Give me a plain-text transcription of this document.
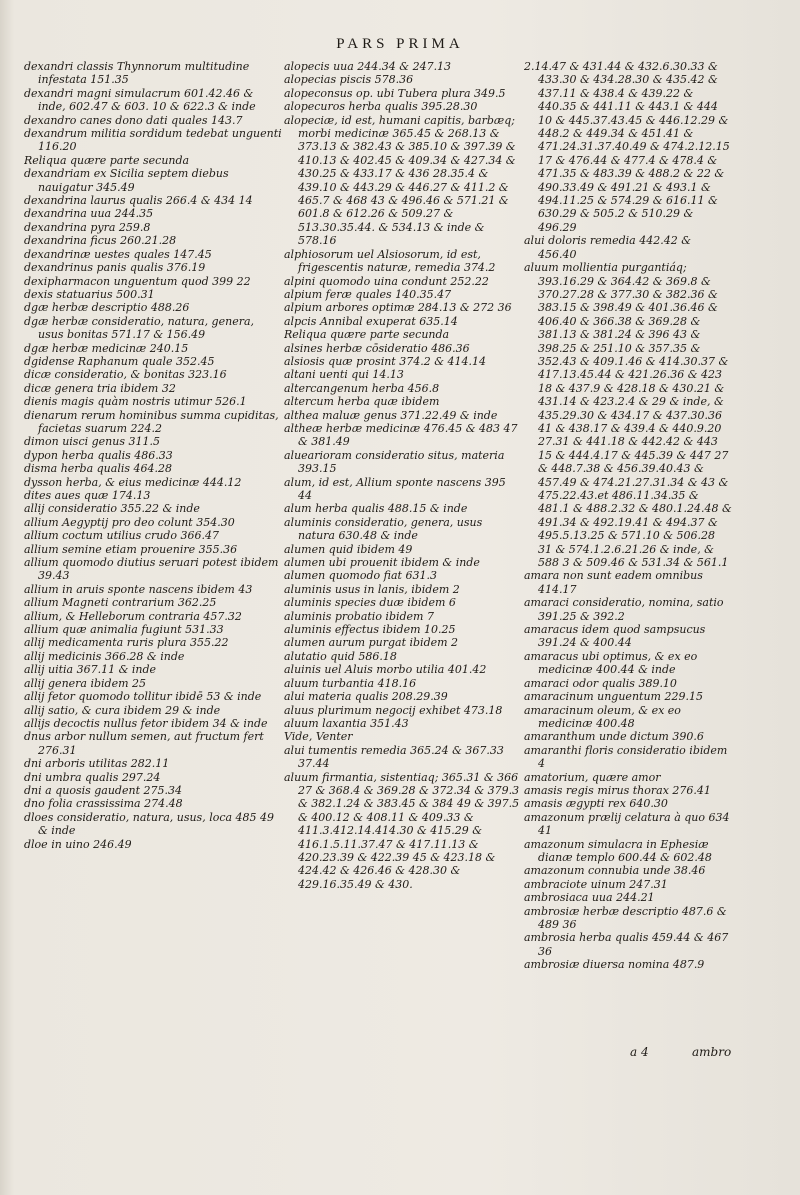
PARS PRIMA

dexandri classis Thynnorum multitudine infestata 151.35

dexandri magni simulacrum 601.42.46 & inde, 602.47 & 603. 10 & 622.3 & inde

dexandro canes dono dati quales 143.7

dexandrum militia sordidum tedebat unguenti 116.20

Reliqua quære parte secunda

dexandriam ex Sicilia septem diebus nauigatur 345.49

dexandrina laurus qualis 266.4 & 434 14

dexandrina uua 244.35

dexandrina pyra 259.8

dexandrina ficus 260.21.28

dexandrinæ uestes quales 147.45

dexandrinus panis qualis 376.19

dexipharmacon unguentum quod 399 22

dexis statuarius 500.31

dgæ herbæ descriptio 488.26

dgæ herbæ consideratio, natura, genera, usus bonitas 571.17 & 156.49

dgæ herbæ medicinæ 240.15

dgidense Raphanum quale 352.45

dicæ consideratio, & bonitas 323.16

dicæ genera tria ibidem 32

dienis magis quàm nostris utimur 526.1

dienarum rerum hominibus summa cupiditas, facietas suarum 224.2

dimon uisci genus 311.5

dypon herba qualis 486.33

dismа herba qualis 464.28

dysson herba, & eius medicinæ 444.12

dites aues quæ 174.13

allij consideratio 355.22 & inde

allium Aegyptij pro deo colunt 354.30

allium coctum utilius crudo 366.47

allium semine etiam prouenire 355.36

allium quomodo diutius seruari potest ibidem 39.43

allium in aruis sponte nascens ibidem 43

allium Magneti contrarium 362.25

allium, & Helleborum contraria 457.32

allium quæ animalia fugiunt 531.33

allij medicamenta ruris plura 355.22

allij medicinis 366.28 & inde

allij uitia 367.11 & inde

allij genera ibidem 25

allij fetor quomodo tollitur ibidē 53 & inde

allij satio, & cura ibidem 29 & inde

allijs decoctis nullus fetor ibidem 34 & inde

dnus arbor nullum semen, aut fructum fert 276.31

dni arboris utilitas 282.11

dni umbra qualis 297.24

dni a quosis gaudent 275.34

dno folia crassissima 274.48

dloes consideratio, natura, usus, loca 485 49 & inde

dloe in uino 246.49

alopecis uua 244.34 & 247.13

alopecias piscis 578.36

alopeconsus op. ubi Tubera plura 349.5

alopecuros herba qualis 395.28.30

alopeciæ, id est, humani capitis, barbæq; morbi medicinæ 365.45 & 268.13 & 373.13 & 382.43 & 385.10 & 397.39 & 410.13 & 402.45 & 409.34 & 427.34 & 430.25 & 433.17 & 436 28.35.4 & 439.10 & 443.29 & 446.27 & 411.2 & 465.7 & 468 43 & 496.46 & 571.21 & 601.8 & 612.26 & 509.27 & 513.30.35.44. & 534.13 & inde & 578.16

alphiosorum uel Alsiosorum, id est, frigescentis naturæ, remedia 374.2

alpini quomodo uina condunt 252.22

alpium feræ quales 140.35.47

alpium arbores optimæ 284.13 & 272 36

alpcis Annibal exuperat 635.14

Reliqua quære parte secunda

alsines herbæ cōsideratio 486.36

alsiosis quæ prosint 374.2 & 414.14

altani uenti qui 14.13

altercangenum herba 456.8

altercum herba quæ ibidem

althea maluæ genus 371.22.49 & inde

altheæ herbæ medicinæ 476.45 & 483 47 & 381.49

aluearioram consideratio situs, materia 393.15

alum, id est, Allium sponte nascens 395 44

alum herba qualis 488.15 & inde

aluminis consideratio, genera, usus natura 630.48 & inde

alumen quid ibidem 49

alumen ubi prouenit ibidem & inde

alumen quomodo fiat 631.3

aluminis usus in lanis, ibidem 2

aluminis species duæ ibidem 6

aluminis probatio ibidem 7

aluminis effectus ibidem 10.25

alumen aurum purgat ibidem 2

alutatio quid 586.18

aluinis uel Aluis morbo utilia 401.42

aluum turbantia 418.16

alui materia qualis 208.29.39

aluus plurimum negocij exhibet 473.18

aluum laxantia 351.43

Vide, Venter

alui tumentis remedia 365.24 & 367.33 37.44

aluum firmantia, sistentiaq; 365.31 & 366 27 & 368.4 & 369.28 & 372.34 & 379.3 & 382.1.24 & 383.45 & 384 49 & 397.5 & 400.12 & 408.11 & 409.33 & 411.3.412.14.414.30 & 415.29 & 416.1.5.11.37.47 & 417.11.13 & 420.23.39 & 422.39 45 & 423.18 & 424.42 & 426.46 & 428.30 & 429.16.35.49 & 430.

2.14.47 & 431.44 & 432.6.30.33 & 433.30 & 434.28.30 & 435.42 & 437.11 & 438.4 & 439.22 & 440.35 & 441.11 & 443.1 & 444 10 & 445.37.43.45 & 446.12.29 & 448.2 & 449.34 & 451.41 & 471.24.31.37.40.49 & 474.2.12.15 17 & 476.44 & 477.4 & 478.4 & 471.35 & 483.39 & 488.2 & 22 & 490.33.49 & 491.21 & 493.1 & 494.11.25 & 574.29 & 616.11 & 630.29 & 505.2 & 510.29 & 496.29

alui doloris remedia 442.42 & 456.40

aluum mollientia purgantiáq; 393.16.29 & 364.42 & 369.8 & 370.27.28 & 377.30 & 382.36 & 383.15 & 398.49 & 401.36.46 & 406.40 & 366.38 & 369.28 & 381.13 & 381.24 & 396 43 & 398.25 & 251.10 & 357.35 & 352.43 & 409.1.46 & 414.30.37 & 417.13.45.44 & 421.26.36 & 423 18 & 437.9 & 428.18 & 430.21 & 431.14 & 423.2.4 & 29 & inde, & 435.29.30 & 434.17 & 437.30.36 41 & 438.17 & 439.4 & 440.9.20 27.31 & 441.18 & 442.42 & 443 15 & 444.4.17 & 445.39 & 447 27 & 448.7.38 & 456.39.40.43 & 457.49 & 474.21.27.31.34 & 43 & 475.22.43.et 486.11.34.35 & 481.1 & 488.2.32 & 480.1.24.48 & 491.34 & 492.19.41 & 494.37 & 495.5.13.25 & 571.10 & 506.28 31 & 574.1.2.6.21.26 & inde, & 588 3 & 509.46 & 531.34 & 561.1

amara non sunt eadem omnibus 414.17

amaraci consideratio, nomina, satio 391.25 & 392.2

amaracus idem quod sampsucus 391.24 & 400.44

amaracus ubi optimus, & ex eo medicinæ 400.44 & inde

amaraci odor qualis 389.10

amaracinum unguentum 229.15

amaracinum oleum, & ex eo medicinæ 400.48

amaranthum unde dictum 390.6

amaranthi floris consideratio ibidem 4

amatorium, quære amor

amasis regis mirus thorax 276.41

amasis ægypti rex 640.30

amazonum prælij celatura à quo 634 41

amazonum simulacra in Ephesiæ dianæ templo 600.44 & 602.48

amazonum connubia unde 38.46

ambraciote uinum 247.31

ambrosiaca uua 244.21

ambrosiæ herbæ descriptio 487.6 & 489 36

ambrosia herba qualis 459.44 & 467 36

ambrosiæ diuersa nomina 487.9

a 4	ambro
